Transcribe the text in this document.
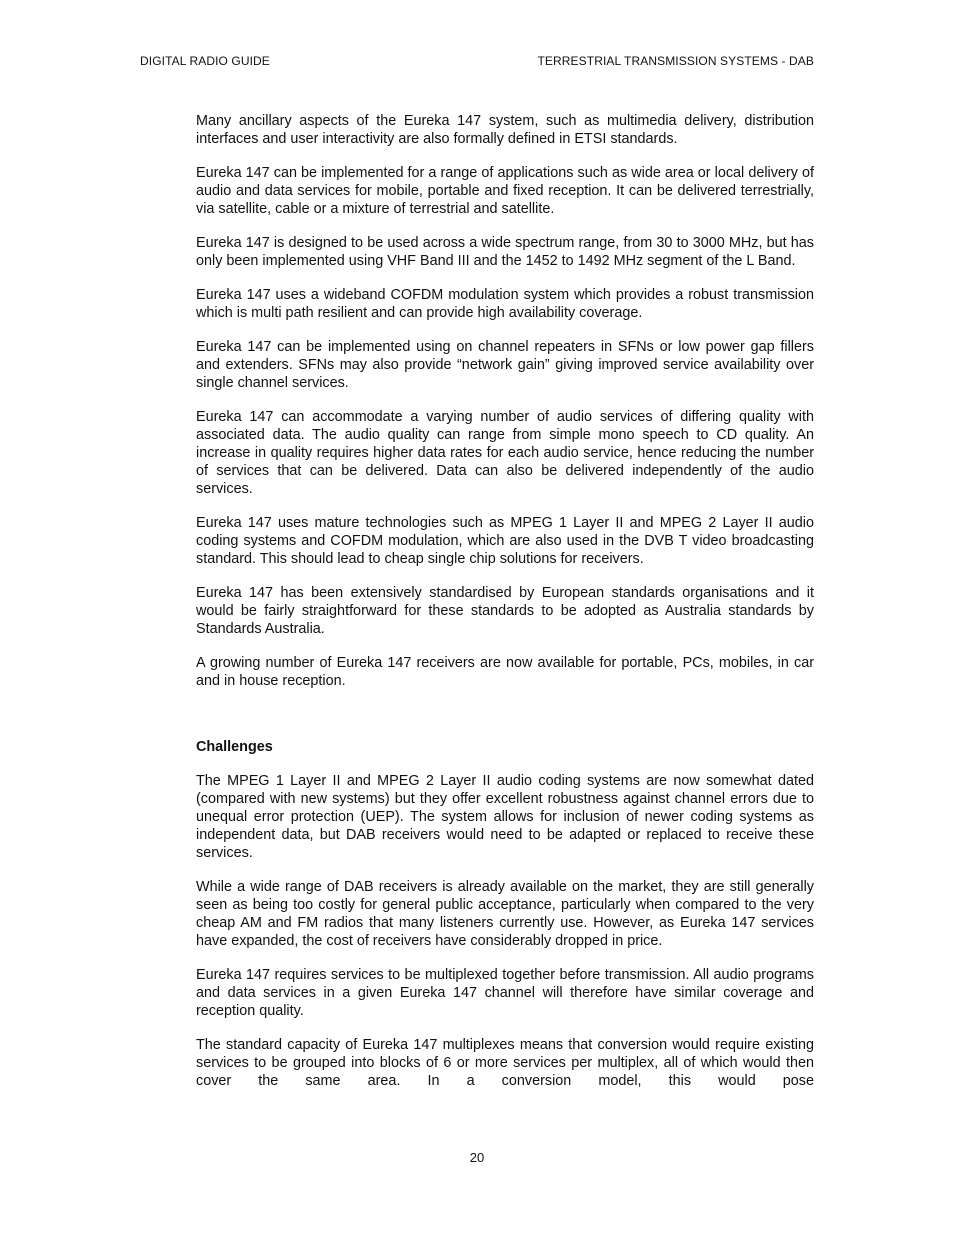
DIGITAL RADIO GUIDE	TERRESTRIAL TRANSMISSION SYSTEMS - DAB

Many ancillary aspects of the Eureka 147 system, such as multimedia delivery, distribution interfaces and user interactivity are also formally defined in ETSI standards.

Eureka 147 can be implemented for a range of applications such as wide area or local delivery of audio and data services for mobile, portable and fixed reception. It can be delivered terrestrially, via satellite, cable or a mixture of terrestrial and satellite.

Eureka 147 is designed to be used across a wide spectrum range, from 30 to 3000 MHz, but has only been implemented using VHF Band III and the 1452 to 1492 MHz segment of the L Band.

Eureka 147 uses a wideband COFDM modulation system which provides a robust transmission which is multi path resilient and can provide high availability coverage.

Eureka 147 can be implemented using on channel repeaters in SFNs or low power gap fillers and extenders. SFNs may also provide “network gain” giving improved service availability over single channel services.

Eureka 147 can accommodate a varying number of audio services of differing quality with associated data. The audio quality can range from simple mono speech to CD quality. An increase in quality requires higher data rates for each audio service, hence reducing the number of services that can be delivered. Data can also be delivered independently of the audio services.

Eureka 147 uses mature technologies such as MPEG 1 Layer II and MPEG 2 Layer II audio coding systems and COFDM modulation, which are also used in the DVB T video broadcasting standard. This should lead to cheap single chip solutions for receivers.

Eureka 147 has been extensively standardised by European standards organisations and it would be fairly straightforward for these standards to be adopted as Australia standards by Standards Australia.

A growing number of Eureka 147 receivers are now available for portable, PCs, mobiles, in car and in house reception.

Challenges

The MPEG 1 Layer II and MPEG 2 Layer II audio coding systems are now somewhat dated (compared with new systems) but they offer excellent robustness against channel errors due to unequal error protection (UEP). The system allows for inclusion of newer coding systems as independent data, but DAB receivers would need to be adapted or replaced to receive these services.

While a wide range of DAB receivers is already available on the market, they are still generally seen as being too costly for general public acceptance, particularly when compared to the very cheap AM and FM radios that many listeners currently use. However, as Eureka 147 services have expanded, the cost of receivers have considerably dropped in price.

Eureka 147 requires services to be multiplexed together before transmission. All audio programs and data services in a given Eureka 147 channel will therefore have similar coverage and reception quality.

The standard capacity of Eureka 147 multiplexes means that conversion would require existing services to be grouped into blocks of 6 or more services per multiplex, all of which would then cover the same area. In a conversion model, this would pose

20
